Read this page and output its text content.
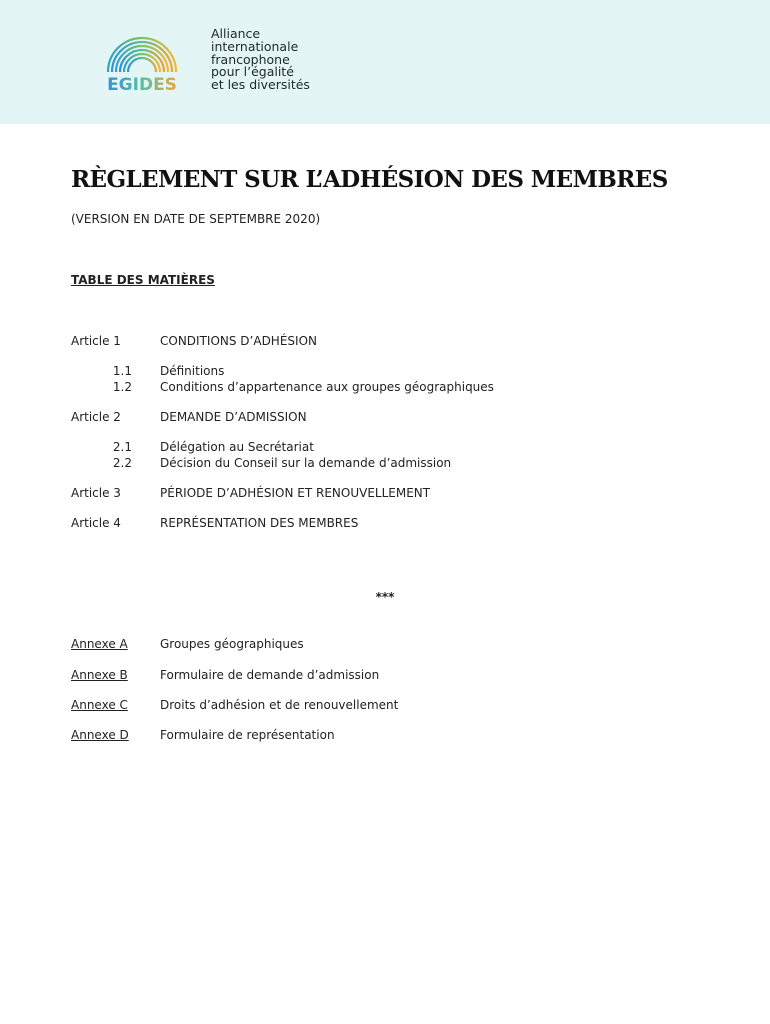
EGIDES
Alliance
internationale
francophone
pour l’égalité
et les diversités
RÈGLEMENT SUR L’ADHÉSION DES MEMBRES
(VERSION EN DATE DE SEPTEMBRE 2020)
TABLE DES MATIÈRES
Article 1	CONDITIONS D’ADHÉSION
1.1 Définitions
1.2 Conditions d’appartenance aux groupes géographiques
Article 2	DEMANDE D’ADMISSION
2.1 Délégation au Secrétariat
2.2 Décision du Conseil sur la demande d’admission
Article 3	PÉRIODE D’ADHÉSION ET RENOUVELLEMENT
Article 4	REPRÉSENTATION DES MEMBRES
***
Annexe A	Groupes géographiques
Annexe B	Formulaire de demande d’admission
Annexe C	Droits d’adhésion et de renouvellement
Annexe D	Formulaire de représentation
